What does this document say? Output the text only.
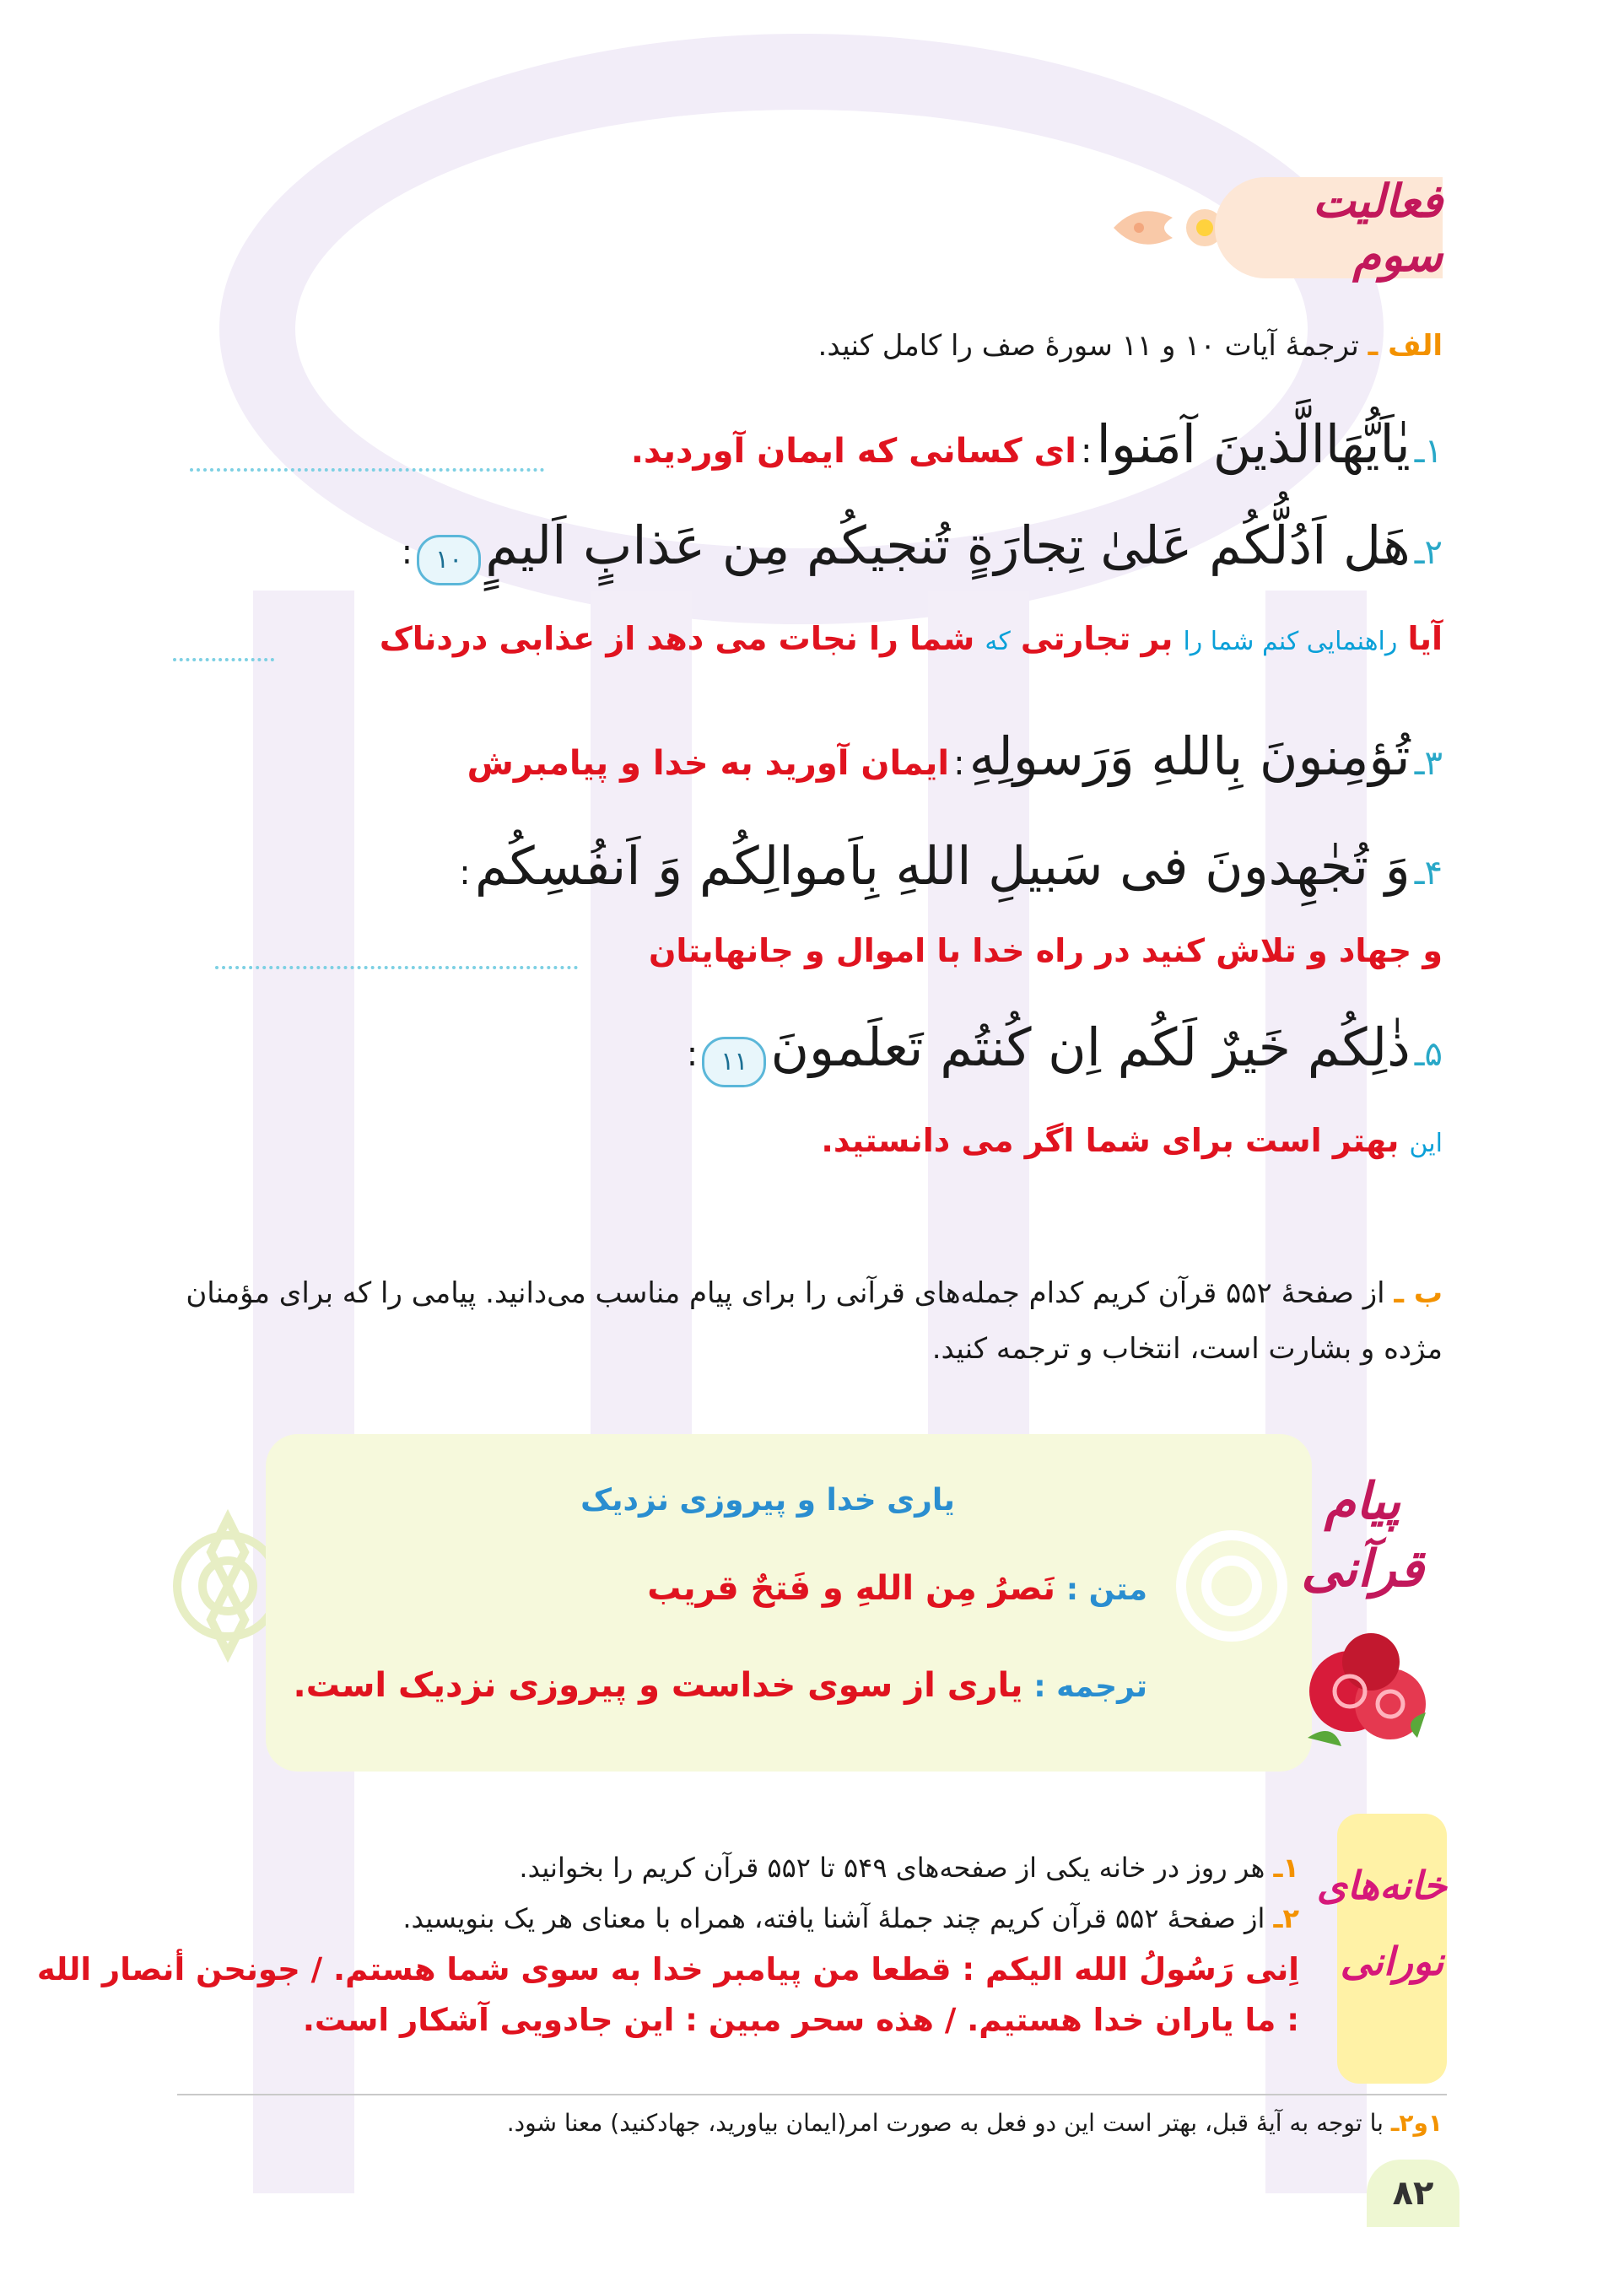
فعالیت سوم
الف ـ ترجمهٔ آیات ۱۰ و ۱۱ سورهٔ صف را کامل کنید.
۱ـ یٰاَیُّهَاالَّذینَ آمَنوا : ای کسانی که ایمان آوردید.
۲ـ هَل اَدُلُّکُم عَلیٰ تِجارَةٍ تُنجیکُم مِن عَذابٍ اَلیمٍ ۱۰ :
آیا راهنمایی کنم شما را بر تجارتی که شما را نجات می دهد از عذابی دردناک
۳ـ تُؤمِنونَ بِاللهِ وَرَسولِهِ : ایمان آورید به خدا و پیامبرش
۴ـ وَ تُجٰهِدونَ فی سَبیلِ اللهِ بِاَموالِکُم وَ اَنفُسِکُم :
و جهاد و تلاش کنید در راه خدا با اموال و جانهایتان
۵ـ ذٰلِکُم خَیرٌ لَکُم اِن کُنتُم تَعلَمونَ ۱۱ :
این بهتر است برای شما اگر می دانستید.
ب ـ از صفحهٔ ۵۵۲ قرآن کریم کدام جمله‌های قرآنی را برای پیام مناسب می‌دانید. پیامی را که برای مؤمنان مژده و بشارت است، انتخاب و ترجمه کنید.
پیام قرآنی
یاری خدا و پیروزی نزدیک
متن : نَصرُ مِن اللهِ و فَتحٌ قریب
ترجمه : یاری از سوی خداست و پیروزی نزدیک است.
خانه‌های
نورانی
۱ـ هر روز در خانه یکی از صفحه‌های ۵۴۹ تا ۵۵۲ قرآن کریم را بخوانید.
۲ـ از صفحهٔ ۵۵۲ قرآن کریم چند جملهٔ آشنا یافته، همراه با معنای هر یک بنویسید.
اِنی رَسُولُ الله الیکم : قطعا من پیامبر خدا به سوی شما هستم. / جونحن أنصار الله : ما یاران خدا هستیم. / هذه سحر مبین : این جادویی آشکار است.
۱و۲ـ با توجه به آیهٔ قبل، بهتر است این دو فعل به صورت امر(ایمان بیاورید، جهادکنید) معنا شود.
۸۲
